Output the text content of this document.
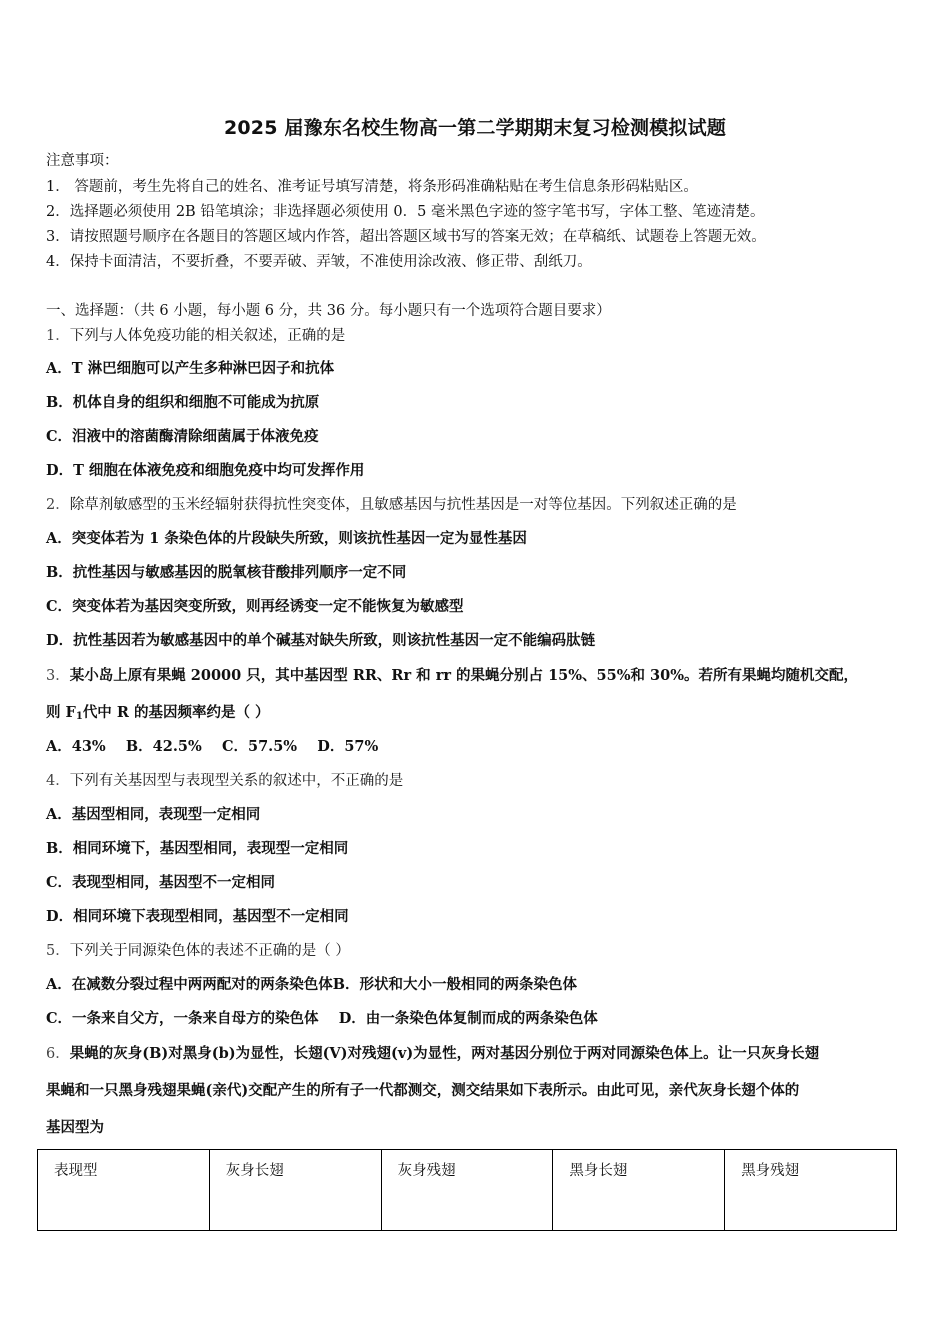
2025 届豫东名校生物高一第二学期期末复习检测模拟试题
注意事项：
1． 答题前，考生先将自己的姓名、准考证号填写清楚，将条形码准确粘贴在考生信息条形码粘贴区。
2．选择题必须使用 2B 铅笔填涂；非选择题必须使用 0．5 毫米黑色字迹的签字笔书写，字体工整、笔迹清楚。
3．请按照题号顺序在各题目的答题区域内作答，超出答题区域书写的答案无效；在草稿纸、试题卷上答题无效。
4．保持卡面清洁，不要折叠，不要弄破、弄皱，不准使用涂改液、修正带、刮纸刀。
一、选择题：（共 6 小题，每小题 6 分，共 36 分。每小题只有一个选项符合题目要求）
1．下列与人体免疫功能的相关叙述，正确的是
A．T 淋巴细胞可以产生多种淋巴因子和抗体
B．机体自身的组织和细胞不可能成为抗原
C．泪液中的溶菌酶清除细菌属于体液免疫
D．T 细胞在体液免疫和细胞免疫中均可发挥作用
2．除草剂敏感型的玉米经辐射获得抗性突变体，且敏感基因与抗性基因是一对等位基因。下列叙述正确的是
A．突变体若为 1 条染色体的片段缺失所致，则该抗性基因一定为显性基因
B．抗性基因与敏感基因的脱氧核苷酸排列顺序一定不同
C．突变体若为基因突变所致，则再经诱变一定不能恢复为敏感型
D．抗性基因若为敏感基因中的单个碱基对缺失所致，则该抗性基因一定不能编码肽链
3．某小岛上原有果蝇 20000 只，其中基因型 RR、Rr 和 rr 的果蝇分别占 15%、55%和 30%。若所有果蝇均随机交配，
则 $F_1$代中 R 的基因频率约是（ ）
A．43%    B．42.5%    C．57.5%    D．57%
4．下列有关基因型与表现型关系的叙述中，不正确的是
A．基因型相同，表现型一定相同
B．相同环境下，基因型相同，表现型一定相同
C．表现型相同，基因型不一定相同
D．相同环境下表现型相同，基因型不一定相同
5．下列关于同源染色体的表述不正确的是（ ）
A．在减数分裂过程中两两配对的两条染色体B．形状和大小一般相同的两条染色体
C．一条来自父方，一条来自母方的染色体    D．由一条染色体复制而成的两条染色体
6．果蝇的灰身(B)对黑身(b)为显性，长翅(V)对残翅(v)为显性，两对基因分别位于两对同源染色体上。让一只灰身长翅
果蝇和一只黑身残翅果蝇(亲代)交配产生的所有子一代都测交，测交结果如下表所示。由此可见，亲代灰身长翅个体的
基因型为
表现型	灰身长翅	灰身残翅	黑身长翅	黑身残翅
